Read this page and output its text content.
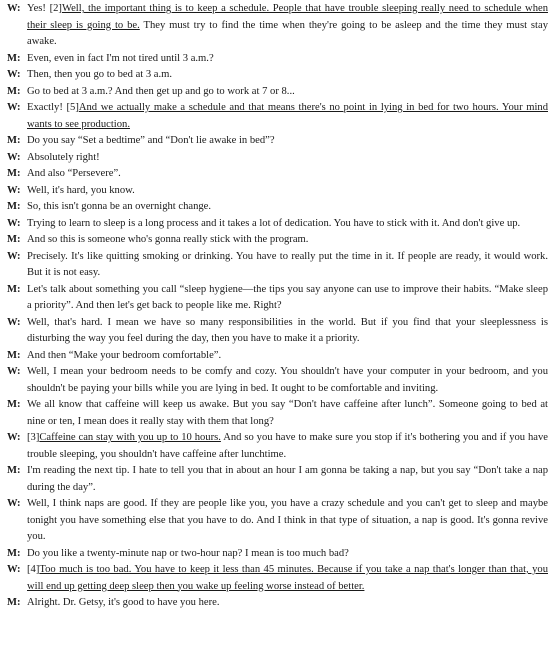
W: Yes! [2]Well, the important thing is to keep a schedule. People that have trouble sleeping really need to schedule when their sleep is going to be. They must try to find the time when they're going to be asleep and the time they must stay awake.

M: Even, even in fact I'm not tired until 3 a.m.?

W: Then, then you go to bed at 3 a.m.

M: Go to bed at 3 a.m.? And then get up and go to work at 7 or 8...

W: Exactly! [5]And we actually make a schedule and that means there's no point in lying in bed for two hours. Your mind wants to see production.

M: Do you say “Set a bedtime” and “Don't lie awake in bed”?

W: Absolutely right!

M: And also “Persevere”.

W: Well, it's hard, you know.

M: So, this isn't gonna be an overnight change.

W: Trying to learn to sleep is a long process and it takes a lot of dedication. You have to stick with it. And don't give up.

M: And so this is someone who's gonna really stick with the program.

W: Precisely. It's like quitting smoking or drinking. You have to really put the time in it. If people are ready, it would work. But it is not easy.

M: Let's talk about something you call “sleep hygiene—the tips you say anyone can use to improve their habits. “Make sleep a priority”. And then let's get back to people like me. Right?

W: Well, that's hard. I mean we have so many responsibilities in the world. But if you find that your sleeplessness is disturbing the way you feel during the day, then you have to make it a priority.

M: And then “Make your bedroom comfortable”.

W: Well, I mean your bedroom needs to be comfy and cozy. You shouldn't have your computer in your bedroom, and you shouldn't be paying your bills while you are lying in bed. It ought to be comfortable and inviting.

M: We all know that caffeine will keep us awake. But you say “Don't have caffeine after lunch”. Someone going to bed at nine or ten, I mean does it really stay with them that long?

W: [3]Caffeine can stay with you up to 10 hours. And so you have to make sure you stop if it's bothering you and if you have trouble sleeping, you shouldn't have caffeine after lunchtime.

M: I'm reading the next tip. I hate to tell you that in about an hour I am gonna be taking a nap, but you say “Don't take a nap during the day”.

W: Well, I think naps are good. If they are people like you, you have a crazy schedule and you can't get to sleep and maybe tonight you have something else that you have to do. And I think in that type of situation, a nap is good. It's gonna revive you.

M: Do you like a twenty-minute nap or two-hour nap? I mean is too much bad?

W: [4]Too much is too bad. You have to keep it less than 45 minutes. Because if you take a nap that's longer than that, you will end up getting deep sleep then you wake up feeling worse instead of better.

M: Alright. Dr. Getsy, it's good to have you here.
